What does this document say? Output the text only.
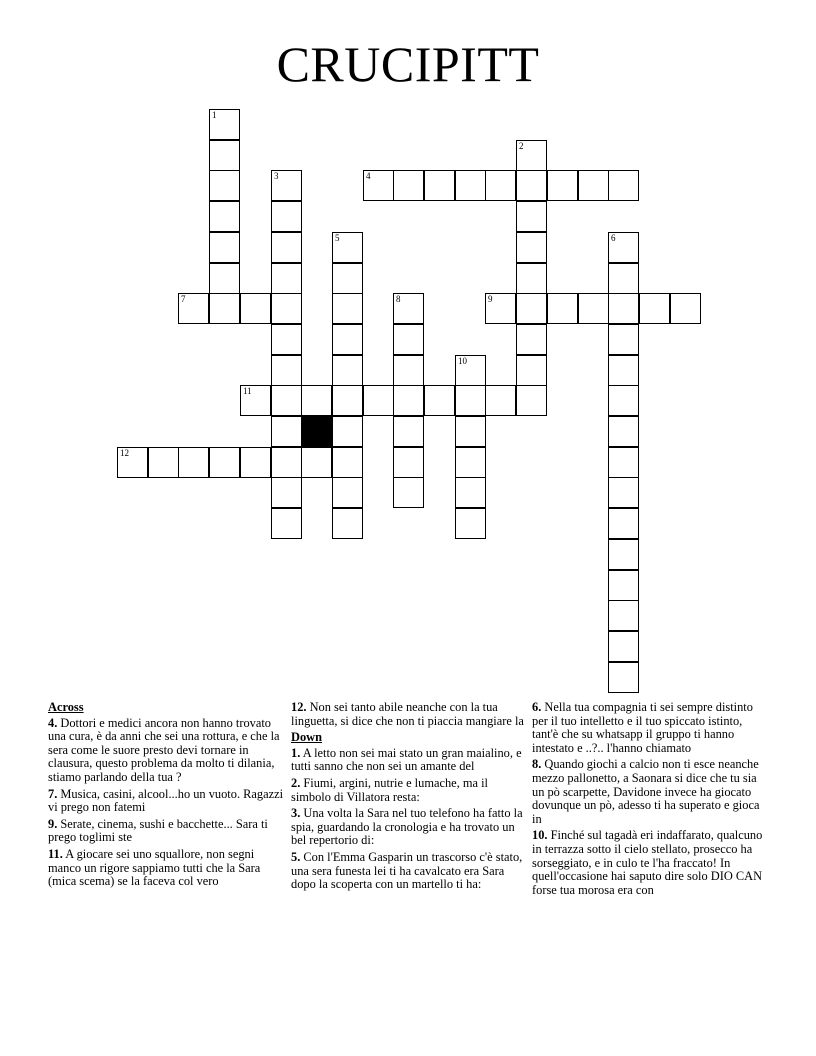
CRUCIPITT
1
2
3	4
5	6
7	8	9
10
11
12
Across

4. Dottori e medici ancora non hanno trovato una cura, è da anni che sei una rottura, e che la sera come le suore presto devi tornare in clausura, questo problema da molto ti dilania, stiamo parlando della tua ?

7. Musica, casini, alcool...ho un vuoto. Ragazzi vi prego non fatemi

9. Serate, cinema, sushi e bacchette... Sara ti prego toglimi ste

11. A giocare sei uno squallore, non segni manco un rigore sappiamo tutti che la Sara (mica scema) se la faceva col vero

12. Non sei tanto abile neanche con la tua linguetta, si dice che non ti piaccia mangiare la

Down

1. A letto non sei mai stato un gran maialino, e tutti sanno che non sei un amante del

2. Fiumi, argini, nutrie e lumache, ma il simbolo di Villatora resta:

3. Una volta la Sara nel tuo telefono ha fatto la spia, guardando la cronologia e ha trovato un bel repertorio di:

5. Con l'Emma Gasparin un trascorso c'è stato, una sera funesta lei ti ha cavalcato era Sara dopo la scoperta con un martello ti ha:

6. Nella tua compagnia ti sei sempre distinto per il tuo intelletto e il tuo spiccato istinto, tant'è che su whatsapp il gruppo ti hanno intestato e ..?.. l'hanno chiamato

8. Quando giochi a calcio non ti esce neanche mezzo pallonetto, a Saonara si dice che tu sia un pò scarpette, Davidone invece ha giocato dovunque un pò, adesso ti ha superato e gioca in

10. Finché sul tagadà eri indaffarato, qualcuno in terrazza sotto il cielo stellato, prosecco ha sorseggiato, e in culo te l'ha fraccato! In quell'occasione hai saputo dire solo DIO CAN forse tua morosa era con
